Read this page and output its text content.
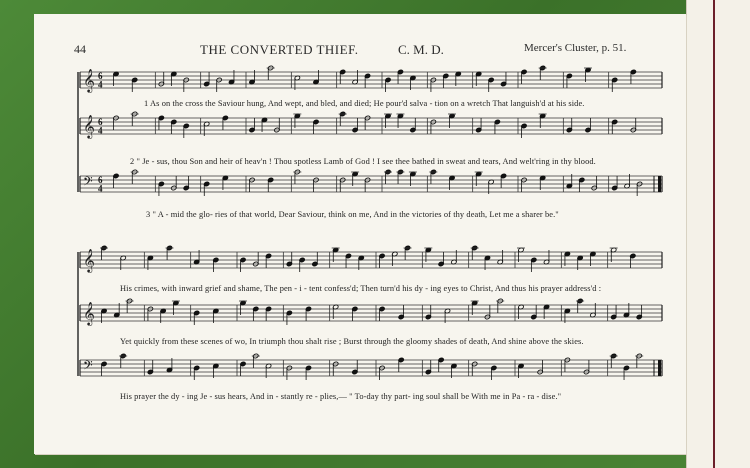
44	THE CONVERTED THIEF.	C. M. D.	Mercer's Cluster, p. 51.
𝄞 6
4
𝄞 6
4
𝄢 6
4
𝄞
𝄞
𝄢
1 As on the cross the Saviour hung, And wept, and bled, and died; He pour'd salva - tion on a wretch That languish'd at his side.
2 " Je - sus, thou Son and heir of heav'n ! Thou spotless Lamb of God ! I see thee bathed in sweat and tears, And welt'ring in thy blood.
3 " A - mid the glo- ries of that world, Dear Saviour, think on me, And in the victories of thy death, Let me a sharer be."
His crimes, with inward grief and shame, The pen - i - tent confess'd; Then turn'd his dy - ing eyes to Christ, And thus his prayer address'd :
Yet quickly from these scenes of wo, In triumph thou shalt rise ; Burst through the gloomy shades of death, And shine above the skies.
His prayer the dy - ing Je - sus hears, And in - stantly re - plies,— " To-day thy part- ing soul shall be With me in Pa - ra - dise."
